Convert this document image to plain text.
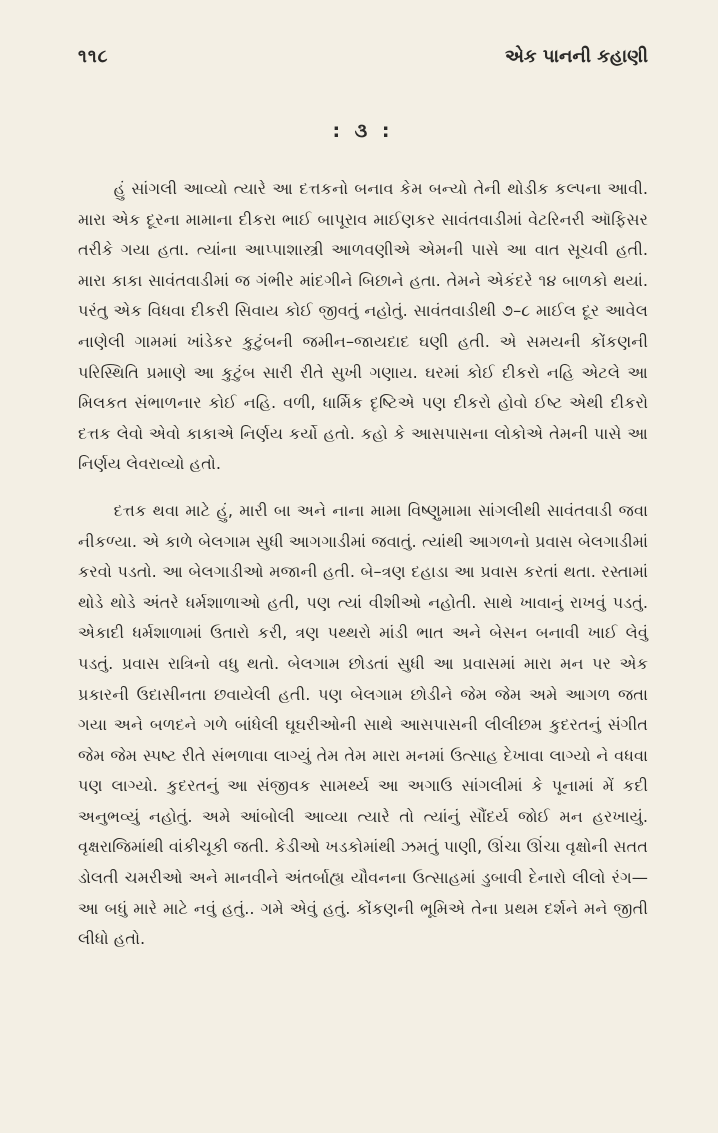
૧૧૮	એક પાનની કહાણી
: ૩ :

હું સાંગલી આવ્યો ત્યારે આ દત્તકનો બનાવ કેમ બન્યો તેની થોડીક કલ્પના આવી. મારા એક દૂરના મામાના દીકરા ભાઈ બાપૂરાવ માઈણકર સાવંતવાડીમાં વેટરિનરી ઑફિસર તરીકે ગયા હતા. ત્યાંના આપ્પાશાસ્ત્રી આળવણીએ એમની પાસે આ વાત સૂચવી હતી. મારા કાકા સાવંતવાડીમાં જ ગંભીર માંદગીને બિછાને હતા. તેમને એકંદરે ૧૪ બાળકો થયાં. પરંતુ એક વિધવા દીકરી સિવાય કોઈ જીવતું નહોતું. સાવંતવાડીથી ૭–૮ માઈલ દૂર આવેલ નાણેલી ગામમાં ખાંડેકર કુટુંબની જમીન–જાયદાદ ઘણી હતી. એ સમયની કોંકણની પરિસ્થિતિ પ્રમાણે આ કુટુંબ સારી રીતે સુખી ગણાય. ઘરમાં કોઈ દીકરો નહિ એટલે આ મિલકત સંભાળનાર કોઈ નહિ. વળી, ધાર્મિક દૃષ્ટિએ પણ દીકરો હોવો ઈષ્ટ એથી દીકરો દત્તક લેવો એવો કાકાએ નિર્ણય કર્યો હતો. કહો કે આસપાસના લોકોએ તેમની પાસે આ નિર્ણય લેવરાવ્યો હતો.

દત્તક થવા માટે હું, મારી બા અને નાના મામા વિષ્ણુમામા સાંગલીથી સાવંતવાડી જવા નીકળ્યા. એ કાળે બેલગામ સુધી આગગાડીમાં જવાતું. ત્યાંથી આગળનો પ્રવાસ બેલગાડીમાં કરવો પડતો. આ બેલગાડીઓ મજાની હતી. બે–ત્રણ દહાડા આ પ્રવાસ કરતાં થતા. રસ્તામાં થોડે થોડે અંતરે ધર્મશાળાઓ હતી, પણ ત્યાં વીશીઓ નહોતી. સાથે ખાવાનું રાખવું પડતું. એકાદી ધર્મશાળામાં ઉતારો કરી, ત્રણ પથ્થરો માંડી ભાત અને બેસન બનાવી ખાઈ લેવું પડતું. પ્રવાસ રાત્રિનો વધુ થતો. બેલગામ છોડતાં સુધી આ પ્રવાસમાં મારા મન પર એક પ્રકારની ઉદાસીનતા છવાયેલી હતી. પણ બેલગામ છોડીને જેમ જેમ અમે આગળ જતા ગયા અને બળદને ગળે બાંધેલી ઘૂઘરીઓની સાથે આસપાસની લીલીછમ કુદરતનું સંગીત જેમ જેમ સ્પષ્ટ રીતે સંભળાવા લાગ્યું તેમ તેમ મારા મનમાં ઉત્સાહ દેખાવા લાગ્યો ને વધવા પણ લાગ્યો. કુદરતનું આ સંજીવક સામર્થ્ય આ અગાઉ સાંગલીમાં કે પૂનામાં મેં કદી અનુભવ્યું નહોતું. અમે આંબોલી આવ્યા ત્યારે તો ત્યાંનું સૌંદર્ય જોઈ મન હરખાયું. વૃક્ષરાજિમાંથી વાંકીચૂકી જતી. કેડીઓ ખડકોમાંથી ઝમતું પાણી, ઊંચા ઊંચા વૃક્ષોની સતત ડોલતી ચમરીઓ અને માનવીને અંતર્બાહ્ય યૌવનના ઉત્સાહમાં ડુબાવી દેનારો લીલો રંગ—આ બધું મારે માટે નવું હતું.. ગમે એવું હતું. કોંકણની ભૂમિએ તેના પ્રથમ દર્શને મને જીતી લીધો હતો.
